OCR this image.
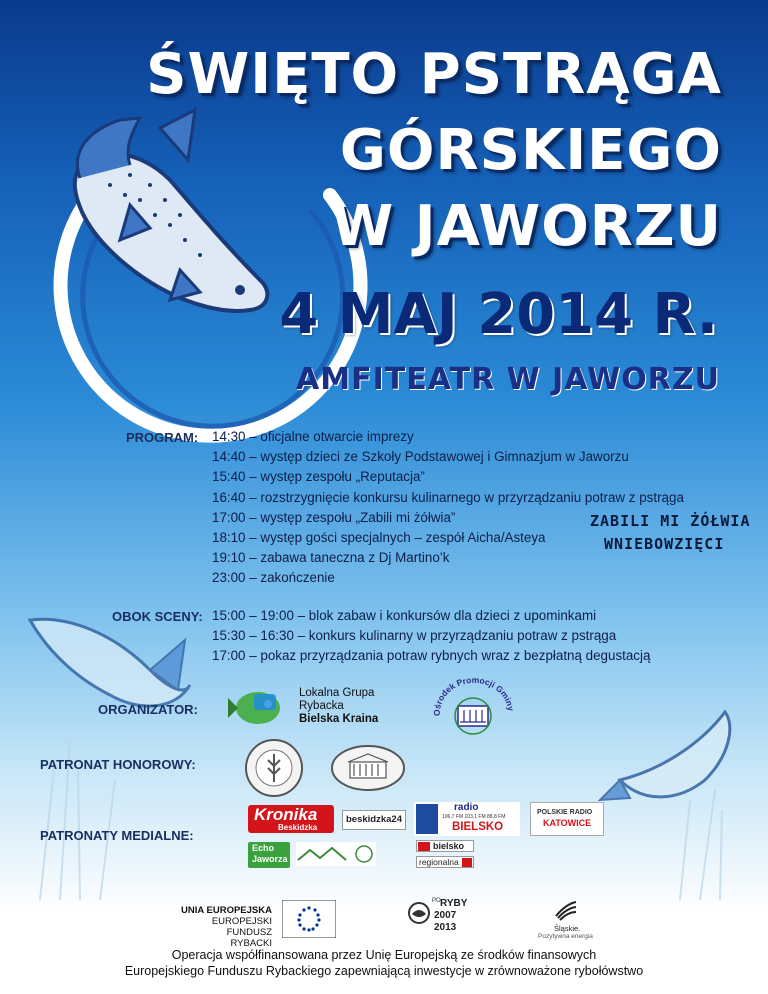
ŚWIĘTO PSTRĄGA
GÓRSKIEGO
W JAWORZU
4 MAJ 2014 R.
AMFITEATR W JAWORZU
PROGRAM: 14:30 – oficjalne otwarcie imprezy
14:40 – występ dzieci ze Szkoły Podstawowej i Gimnazjum w Jaworzu
15:40 – występ zespołu „Reputacja”
16:40 – rozstrzygnięcie konkursu kulinarnego w przyrządzaniu potraw z pstrąga
17:00 – występ zespołu „Zabili mi żółwia”
18:10 – występ gości specjalnych – zespół Aicha/Asteya
19:10 – zabawa taneczna z Dj Martino’k
23:00 – zakończenie
ZABILI MI ŻÓŁWIA
WNIEBOWZIĘCI
OBOK SCENY: 15:00 – 19:00 – blok zabaw i konkursów dla dzieci z upominkami
15:30 – 16:30 – konkurs kulinarny w przyrządzaniu potraw z pstrąga
17:00 – pokaz przyrządzania potraw rybnych wraz z bezpłatną degustacją
ORGANIZATOR:
Lokalna Grupa
Rybacka
Bielska Kraina
Ośrodek Promocji Gminy
PATRONAT HONOROWY:
PATRONATY MEDIALNE:
Kronika
Beskidzka
beskidzka24
Echo
Jaworza
radio
106,7 FM 103,1 FM 88,8 FM
BIELSKO
POLSKIE RADIO
KATOWICE
bielsko
regionalna
UNIA EUROPEJSKA
EUROPEJSKI FUNDUSZ
RYBACKI
PO RYBY
2007
2013	Śląskie.
Pozytywna energia
Operacja współfinansowana przez Unię Europejską ze środków finansowych
Europejskiego Funduszu Rybackiego zapewniającą inwestycje w zrównoważone rybołówstwo
